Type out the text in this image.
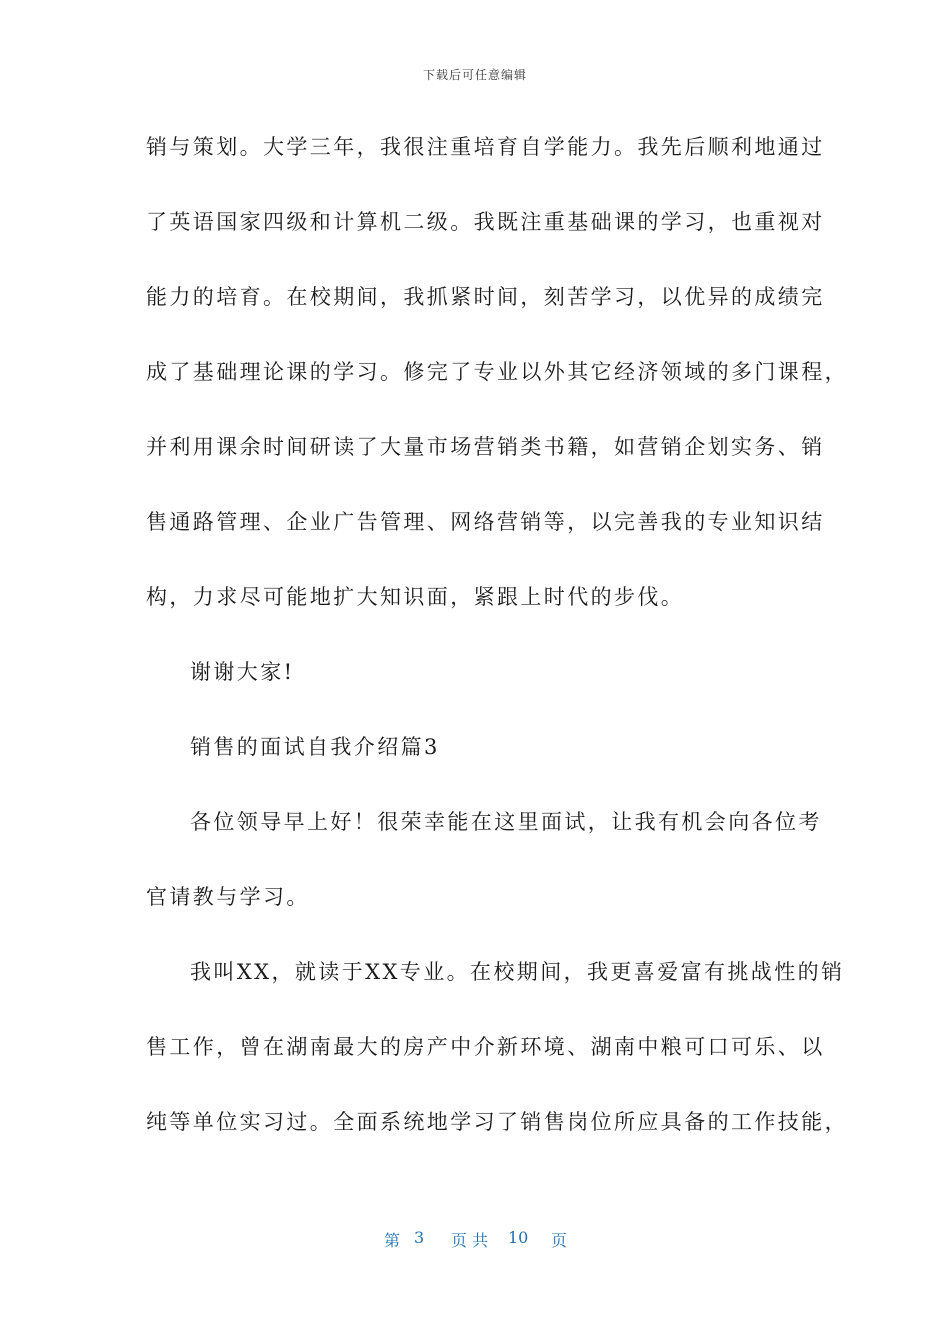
下载后可任意编辑
销与策划。大学三年，我很注重培育自学能力。我先后顺利地通过
了英语国家四级和计算机二级。我既注重基础课的学习，也重视对
能力的培育。在校期间，我抓紧时间，刻苦学习，以优异的成绩完
成了基础理论课的学习。修完了专业以外其它经济领域的多门课程，
并利用课余时间研读了大量市场营销类书籍，如营销企划实务、销
售通路管理、企业广告管理、网络营销等，以完善我的专业知识结
构，力求尽可能地扩大知识面，紧跟上时代的步伐。
谢谢大家!
销售的面试自我介绍篇3
各位领导早上好！很荣幸能在这里面试，让我有机会向各位考
官请教与学习。
我叫XX，就读于XX专业。在校期间，我更喜爱富有挑战性的销
售工作，曾在湖南最大的房产中介新环境、湖南中粮可口可乐、以
纯等单位实习过。全面系统地学习了销售岗位所应具备的工作技能，
第 3 页 共 10 页
